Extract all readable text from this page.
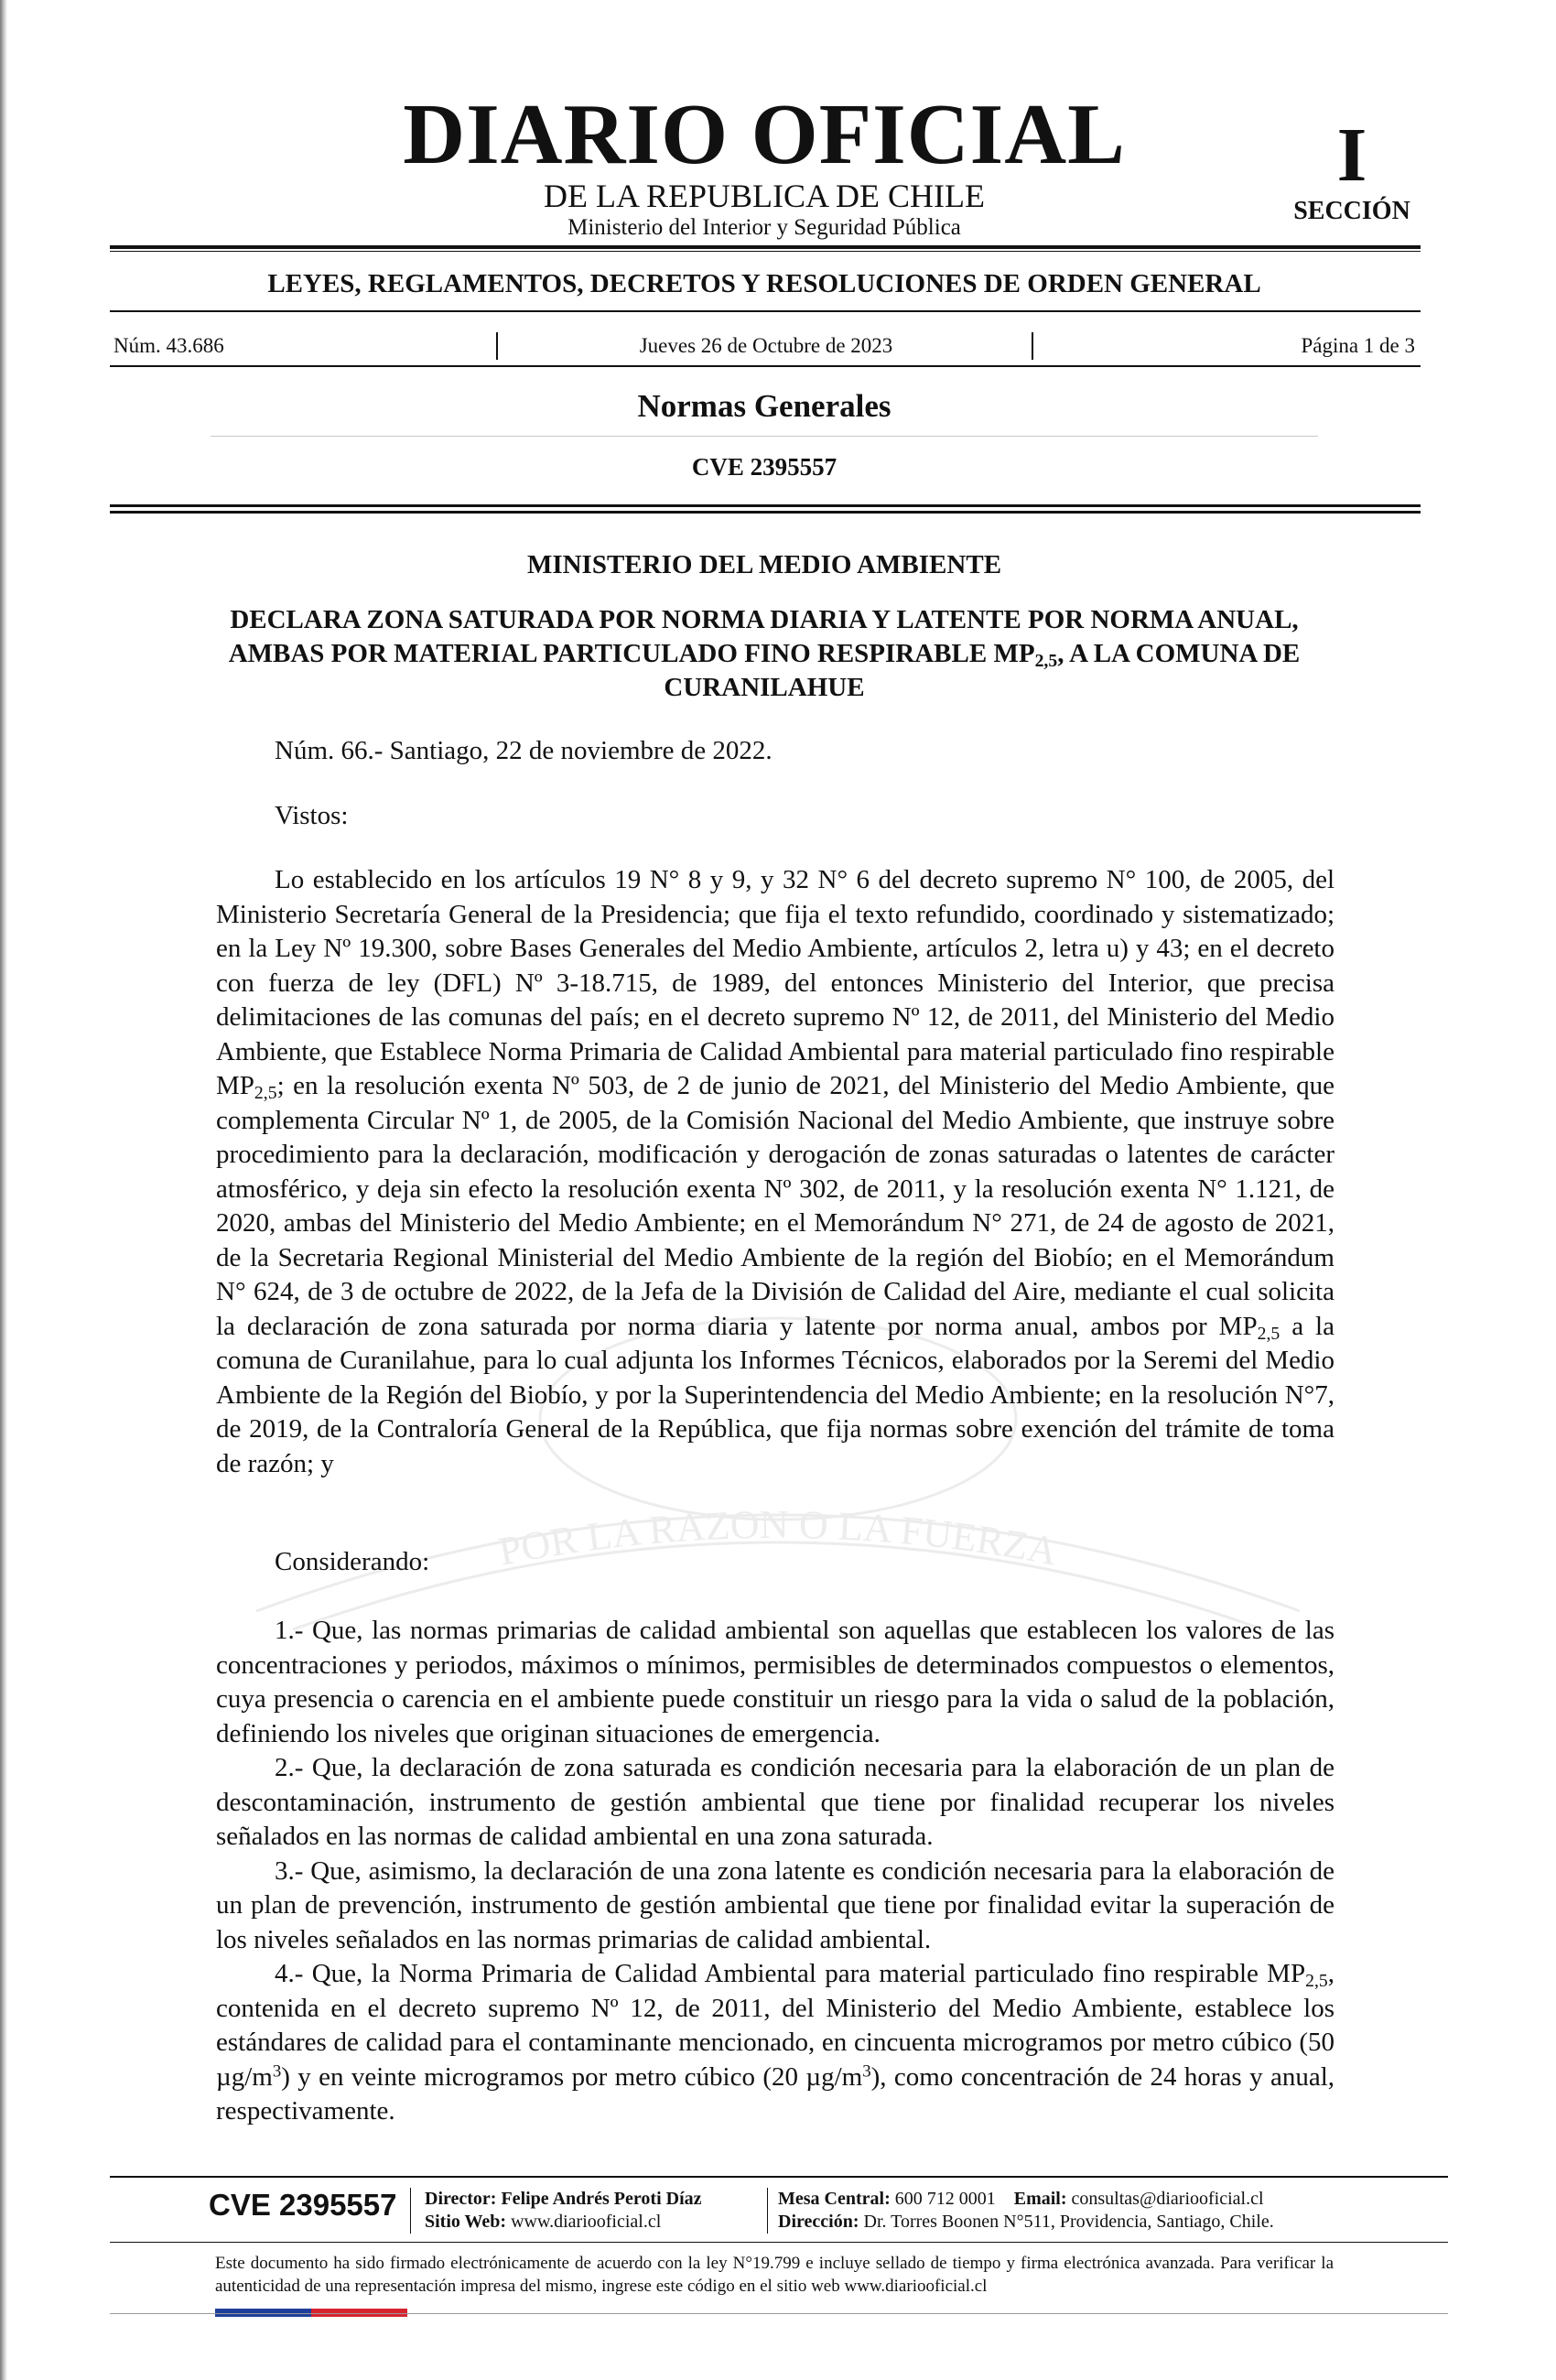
POR LA RAZON O LA FUERZA
DIARIO OFICIAL
DE LA REPUBLICA DE CHILE
Ministerio del Interior y Seguridad Pública
I
SECCIÓN
LEYES, REGLAMENTOS, DECRETOS Y RESOLUCIONES DE ORDEN GENERAL
Núm. 43.686	Jueves 26 de Octubre de 2023	Página 1 de 3
Normas Generales
CVE 2395557
MINISTERIO DEL MEDIO AMBIENTE
DECLARA ZONA SATURADA POR NORMA DIARIA Y LATENTE POR NORMA ANUAL, AMBAS POR MATERIAL PARTICULADO FINO RESPIRABLE $MP_{2,5}$, A LA COMUNA DE CURANILAHUE
Núm. 66.- Santiago, 22 de noviembre de 2022.
Vistos:

Lo establecido en los artículos 19 N° 8 y 9, y 32 N° 6 del decreto supremo N° 100, de 2005, del Ministerio Secretaría General de la Presidencia; que fija el texto refundido, coordinado y sistematizado; en la Ley Nº 19.300, sobre Bases Generales del Medio Ambiente, artículos 2, letra u) y 43; en el decreto con fuerza de ley (DFL) Nº 3-18.715, de 1989, del entonces Ministerio del Interior, que precisa delimitaciones de las comunas del país; en el decreto supremo Nº 12, de 2011, del Ministerio del Medio Ambiente, que Establece Norma Primaria de Calidad Ambiental para material particulado fino respirable $MP_{2,5}$; en la resolución exenta Nº 503, de 2 de junio de 2021, del Ministerio del Medio Ambiente, que complementa Circular Nº 1, de 2005, de la Comisión Nacional del Medio Ambiente, que instruye sobre procedimiento para la declaración, modificación y derogación de zonas saturadas o latentes de carácter atmosférico, y deja sin efecto la resolución exenta Nº 302, de 2011, y la resolución exenta N° 1.121, de 2020, ambas del Ministerio del Medio Ambiente; en el Memorándum N° 271, de 24 de agosto de 2021, de la Secretaria Regional Ministerial del Medio Ambiente de la región del Biobío; en el Memorándum N° 624, de 3 de octubre de 2022, de la Jefa de la División de Calidad del Aire, mediante el cual solicita la declaración de zona saturada por norma diaria y latente por norma anual, ambos por $MP_{2,5}$ a la comuna de Curanilahue, para lo cual adjunta los Informes Técnicos, elaborados por la Seremi del Medio Ambiente de la Región del Biobío, y por la Superintendencia del Medio Ambiente; en la resolución N°7, de 2019, de la Contraloría General de la República, que fija normas sobre exención del trámite de toma de razón; y

Considerando:

1.- Que, las normas primarias de calidad ambiental son aquellas que establecen los valores de las concentraciones y periodos, máximos o mínimos, permisibles de determinados compuestos o elementos, cuya presencia o carencia en el ambiente puede constituir un riesgo para la vida o salud de la población, definiendo los niveles que originan situaciones de emergencia.

2.- Que, la declaración de zona saturada es condición necesaria para la elaboración de un plan de descontaminación, instrumento de gestión ambiental que tiene por finalidad recuperar los niveles señalados en las normas de calidad ambiental en una zona saturada.

3.- Que, asimismo, la declaración de una zona latente es condición necesaria para la elaboración de un plan de prevención, instrumento de gestión ambiental que tiene por finalidad evitar la superación de los niveles señalados en las normas primarias de calidad ambiental.

4.- Que, la Norma Primaria de Calidad Ambiental para material particulado fino respirable $MP_{2,5}$, contenida en el decreto supremo Nº 12, de 2011, del Ministerio del Medio Ambiente, establece los estándares de calidad para el contaminante mencionado, en cincuenta microgramos por metro cúbico (50 $\mu g/m^3$) y en veinte microgramos por metro cúbico (20 $\mu g/m^3$), como concentración de 24 horas y anual, respectivamente.

CVE 2395557 Director: Felipe Andrés Peroti Díaz
Sitio Web: www.diariooficial.cl
Mesa Central: 600 712 0001 Email: consultas@diariooficial.cl
Dirección: Dr. Torres Boonen N°511, Providencia, Santiago, Chile.
Este documento ha sido firmado electrónicamente de acuerdo con la ley N°19.799 e incluye sellado de tiempo y firma electrónica avanzada. Para verificar la autenticidad de una representación impresa del mismo, ingrese este código en el sitio web www.diariooficial.cl
